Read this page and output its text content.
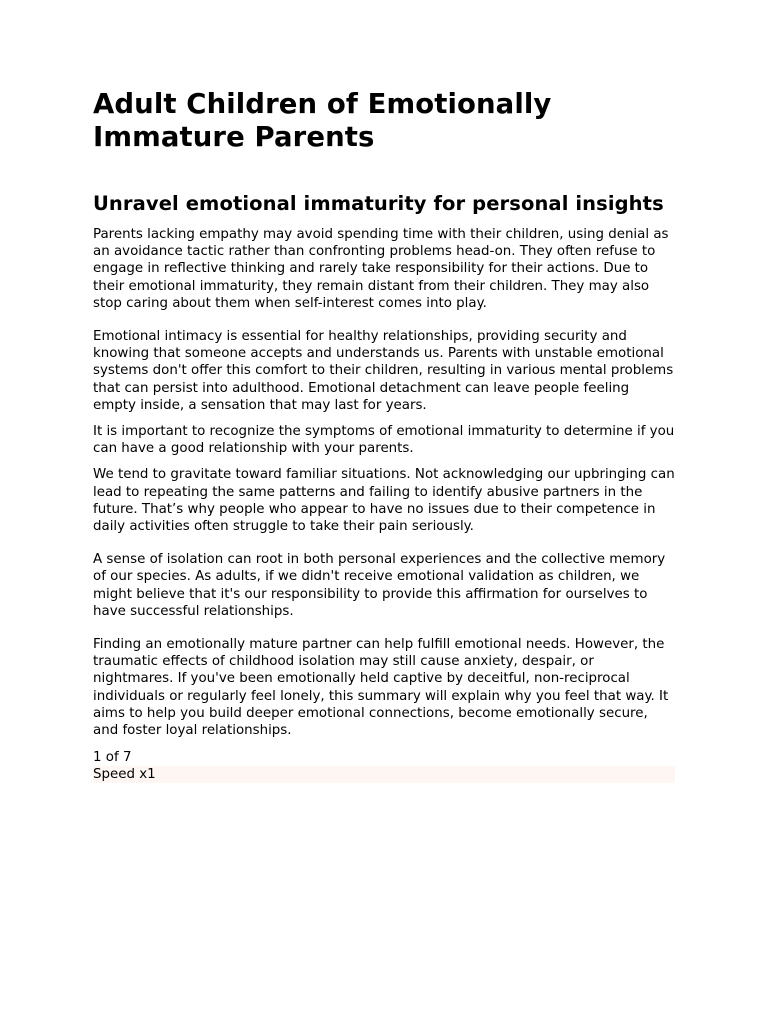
Adult Children of Emotionally Immature Parents
Unravel emotional immaturity for personal insights

Parents lacking empathy may avoid spending time with their children, using denial as an avoidance tactic rather than confronting problems head-on. They often refuse to engage in reflective thinking and rarely take responsibility for their actions. Due to their emotional immaturity, they remain distant from their children. They may also stop caring about them when self-interest comes into play.

Emotional intimacy is essential for healthy relationships, providing security and knowing that someone accepts and understands us. Parents with unstable emotional systems don't offer this comfort to their children, resulting in various mental problems that can persist into adulthood. Emotional detachment can leave people feeling empty inside, a sensation that may last for years.

It is important to recognize the symptoms of emotional immaturity to determine if you can have a good relationship with your parents.

We tend to gravitate toward familiar situations. Not acknowledging our upbringing can lead to repeating the same patterns and failing to identify abusive partners in the future. That’s why people who appear to have no issues due to their competence in daily activities often struggle to take their pain seriously.

A sense of isolation can root in both personal experiences and the collective memory of our species. As adults, if we didn't receive emotional validation as children, we might believe that it's our responsibility to provide this affirmation for ourselves to have successful relationships.

Finding an emotionally mature partner can help fulfill emotional needs. However, the traumatic effects of childhood isolation may still cause anxiety, despair, or nightmares. If you've been emotionally held captive by deceitful, non-reciprocal individuals or regularly feel lonely, this summary will explain why you feel that way. It aims to help you build deeper emotional connections, become emotionally secure, and foster loyal relationships.

1 of 7
Speed x1
